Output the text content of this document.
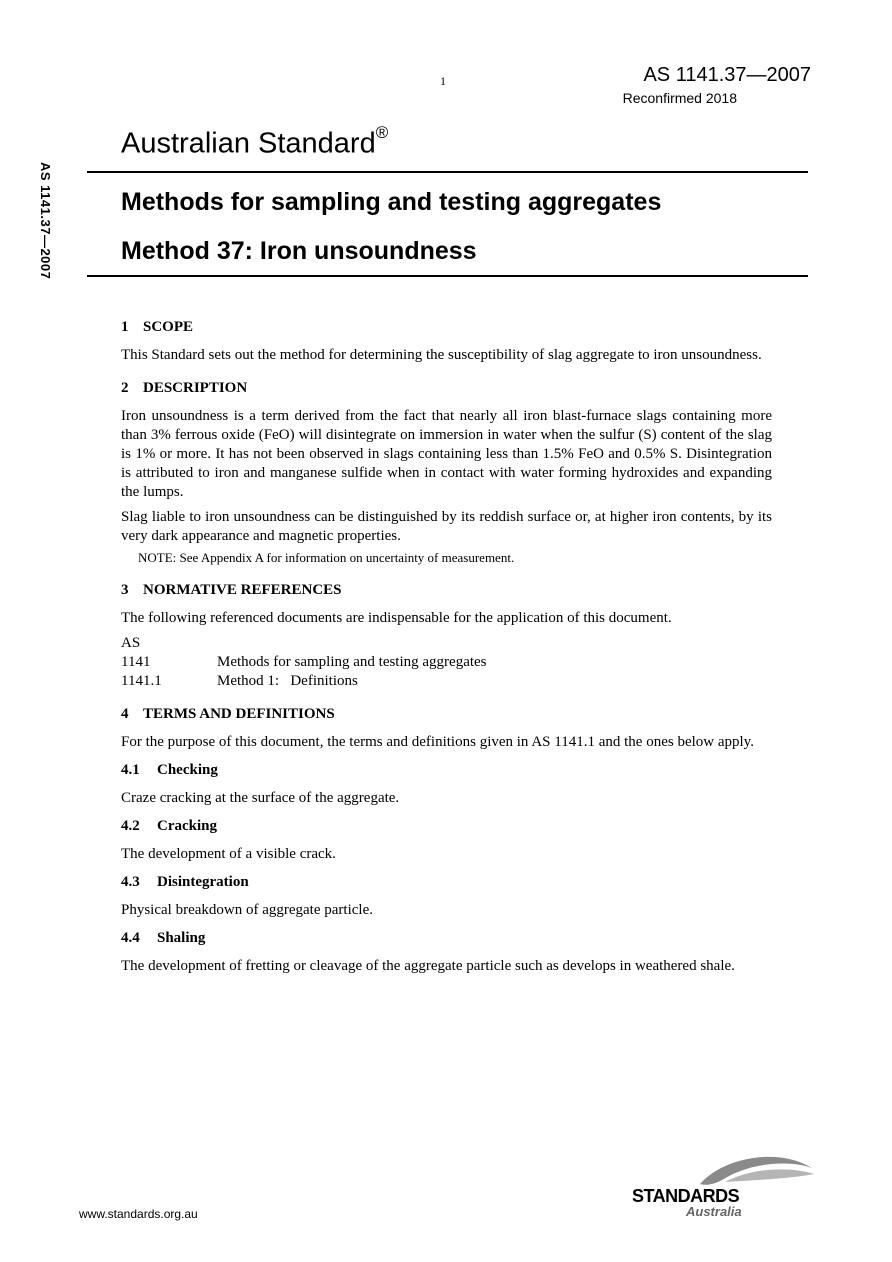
1	AS 1141.37—2007
Reconfirmed 2018
AS 1141.37—2007
Australian Standard®
Methods for sampling and testing aggregates
Method 37: Iron unsoundness

1 SCOPE

This Standard sets out the method for determining the susceptibility of slag aggregate to iron unsoundness.

2 DESCRIPTION

Iron unsoundness is a term derived from the fact that nearly all iron blast-furnace slags containing more than 3% ferrous oxide (FeO) will disintegrate on immersion in water when the sulfur (S) content of the slag is 1% or more. It has not been observed in slags containing less than 1.5% FeO and 0.5% S. Disintegration is attributed to iron and manganese sulfide when in contact with water forming hydroxides and expanding the lumps.

Slag liable to iron unsoundness can be distinguished by its reddish surface or, at higher iron contents, by its very dark appearance and magnetic properties.

NOTE: See Appendix A for information on uncertainty of measurement.

3 NORMATIVE REFERENCES

The following referenced documents are indispensable for the application of this document.

AS

1141	Methods for sampling and testing aggregates
1141.1	Method 1:   Definitions

4 TERMS AND DEFINITIONS

For the purpose of this document, the terms and definitions given in AS 1141.1 and the ones below apply.

4.1 Checking

Craze cracking at the surface of the aggregate.

4.2 Cracking

The development of a visible crack.

4.3 Disintegration

Physical breakdown of aggregate particle.

4.4 Shaling

The development of fretting or cleavage of the aggregate particle such as develops in weathered shale.

www.standards.org.au
STANDARDS
Australia
